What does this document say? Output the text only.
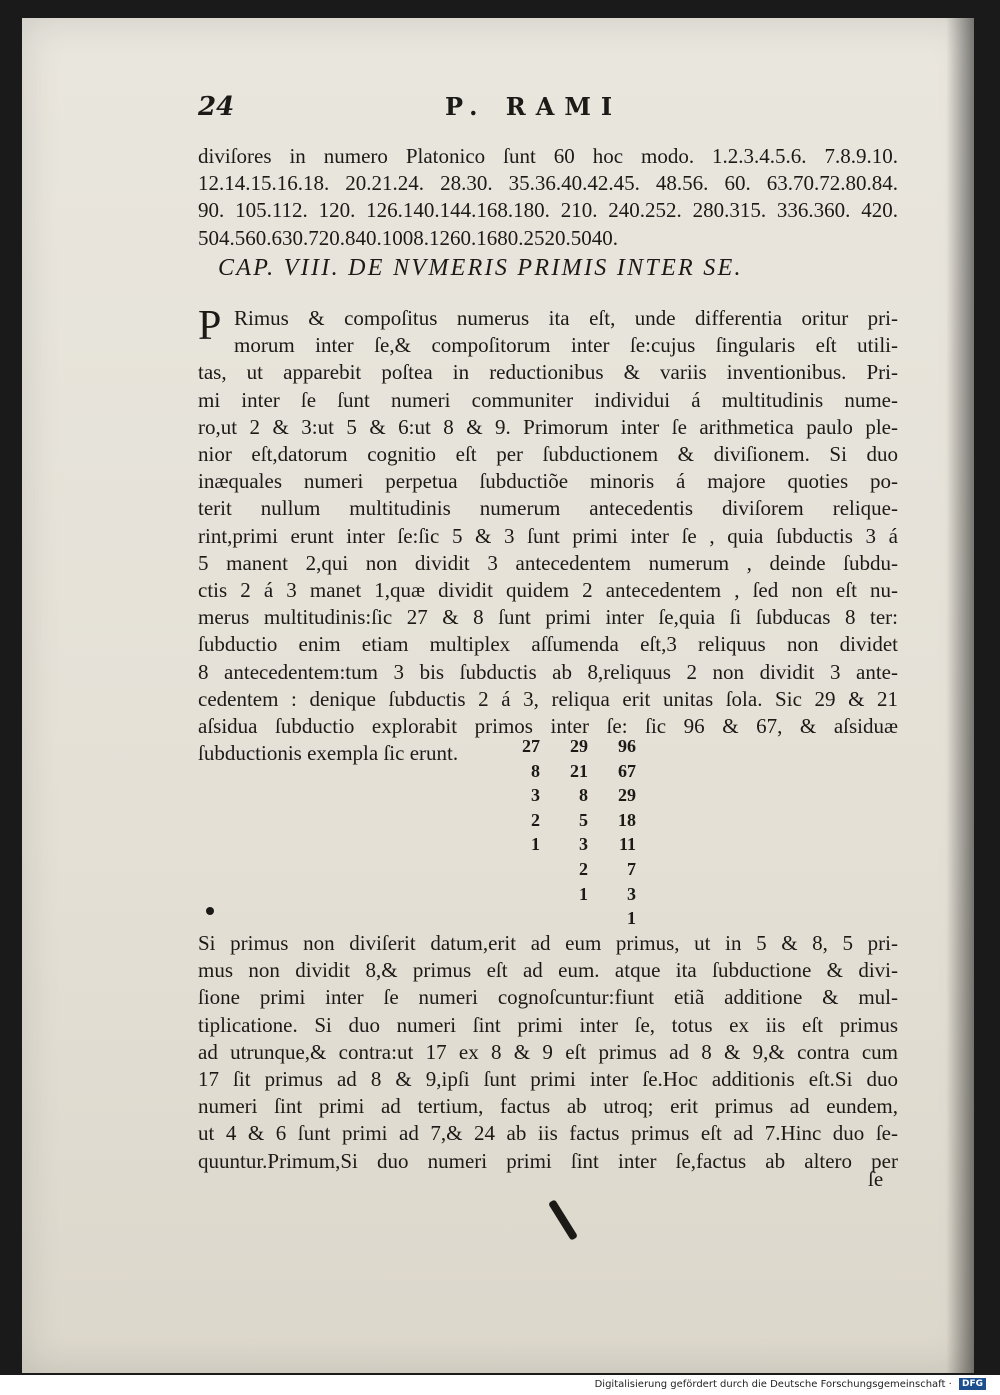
24	P. RAMI
diviſores in numero Platonico ſunt 60 hoc modo. 1.2.3.4.5.6. 7.8.9.10.
12.14.15.16.18. 20.21.24. 28.30. 35.36.40.42.45. 48.56. 60. 63.70.72.80.84.
90. 105.112. 120. 126.140.144.168.180. 210. 240.252. 280.315. 336.360. 420.
504.560.630.720.840.1008.1260.1680.2520.5040.
CAP. VIII. DE NVMERIS PRIMIS INTER SE.
P Rimus & compoſitus numerus ita eſt, unde differentia oritur pri-
morum inter ſe,& compoſitorum inter ſe:cujus ſingularis eſt utili-
tas, ut apparebit poſtea in reductionibus & variis inventionibus. Pri-
mi inter ſe ſunt numeri communiter individui á multitudinis nume-
ro,ut 2 & 3:ut 5 & 6:ut 8 & 9. Primorum inter ſe arithmetica paulo ple-
nior eſt,datorum cognitio eſt per ſubductionem & diviſionem. Si duo
inæquales numeri perpetua ſubductiõe minoris á majore quoties po-
terit nullum multitudinis numerum antecedentis diviſorem relique-
rint,primi erunt inter ſe:ſic 5 & 3 ſunt primi inter ſe , quia ſubductis 3 á
5 manent 2,qui non dividit 3 antecedentem numerum , deinde ſubdu-
ctis 2 á 3 manet 1,quæ dividit quidem 2 antecedentem , ſed non eſt nu-
merus multitudinis:ſic 27 & 8 ſunt primi inter ſe,quia ſi ſubducas 8 ter:
ſubductio enim etiam multiplex aſſumenda eſt,3 reliquus non dividet
8 antecedentem:tum 3 bis ſubductis ab 8,reliquus 2 non dividit 3 ante-
cedentem : denique ſubductis 2 á 3, reliqua erit unitas ſola. Sic 29 & 21
aſsidua ſubductio explorabit primos inter ſe: ſic 96 & 67, & aſsiduæ
ſubductionis exempla ſic erunt.	27
8
3
2
1
29
21
8
5
3
2
1
96
67
29
18
11
7
3
1
Si primus non diviſerit datum,erit ad eum primus, ut in 5 & 8, 5 pri-
mus non dividit 8,& primus eſt ad eum. atque ita ſubductione & divi-
ſione primi inter ſe numeri cognoſcuntur:fiunt etiã additione & mul-
tiplicatione. Si duo numeri ſint primi inter ſe, totus ex iis eſt primus
ad utrunque,& contra:ut 17 ex 8 & 9 eſt primus ad 8 & 9,& contra cum
17 ſit primus ad 8 & 9,ipſi ſunt primi inter ſe.Hoc additionis eſt.Si duo
numeri ſint primi ad tertium, factus ab utroq; erit primus ad eundem,
ut 4 & 6 ſunt primi ad 7,& 24 ab iis factus primus eſt ad 7.Hinc duo ſe-
quuntur.Primum,Si duo numeri primi ſint inter ſe,factus ab altero per
ſe
Digitalisierung gefördert durch die Deutsche Forschungsgemeinschaft · DFG
